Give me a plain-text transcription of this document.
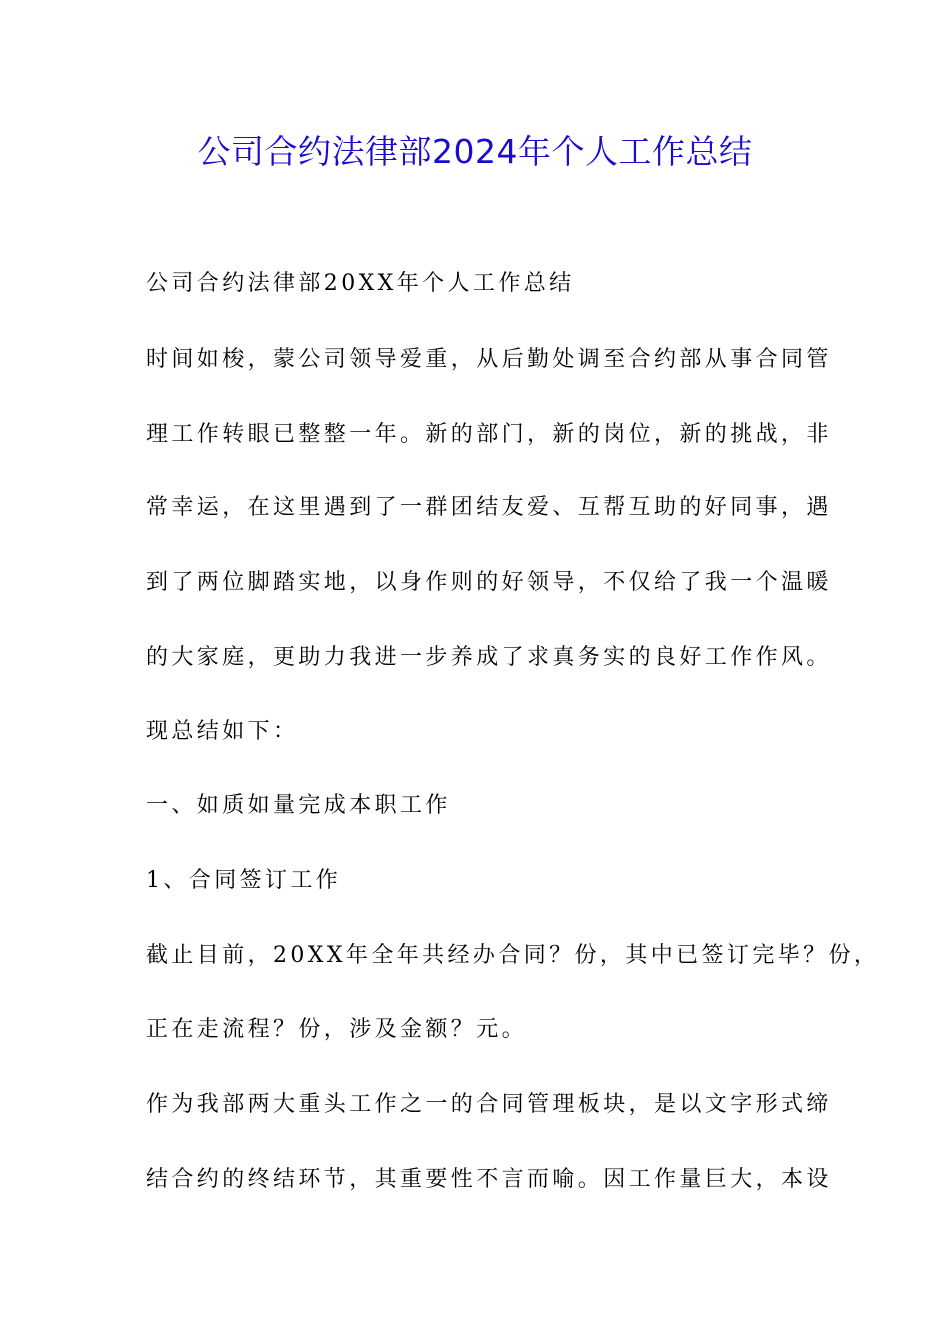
公司合约法律部2024年个人工作总结
公司合约法律部20XX年个人工作总结
时间如梭，蒙公司领导爱重，从后勤处调至合约部从事合同管
理工作转眼已整整一年。新的部门，新的岗位，新的挑战，非
常幸运，在这里遇到了一群团结友爱、互帮互助的好同事，遇
到了两位脚踏实地，以身作则的好领导，不仅给了我一个温暖
的大家庭，更助力我进一步养成了求真务实的良好工作作风。
现总结如下：
一、如质如量完成本职工作
1、合同签订工作
截止目前，20XX年全年共经办合同？份，其中已签订完毕？份，
正在走流程？份，涉及金额？元。
作为我部两大重头工作之一的合同管理板块，是以文字形式缔
结合约的终结环节，其重要性不言而喻。因工作量巨大，本设
